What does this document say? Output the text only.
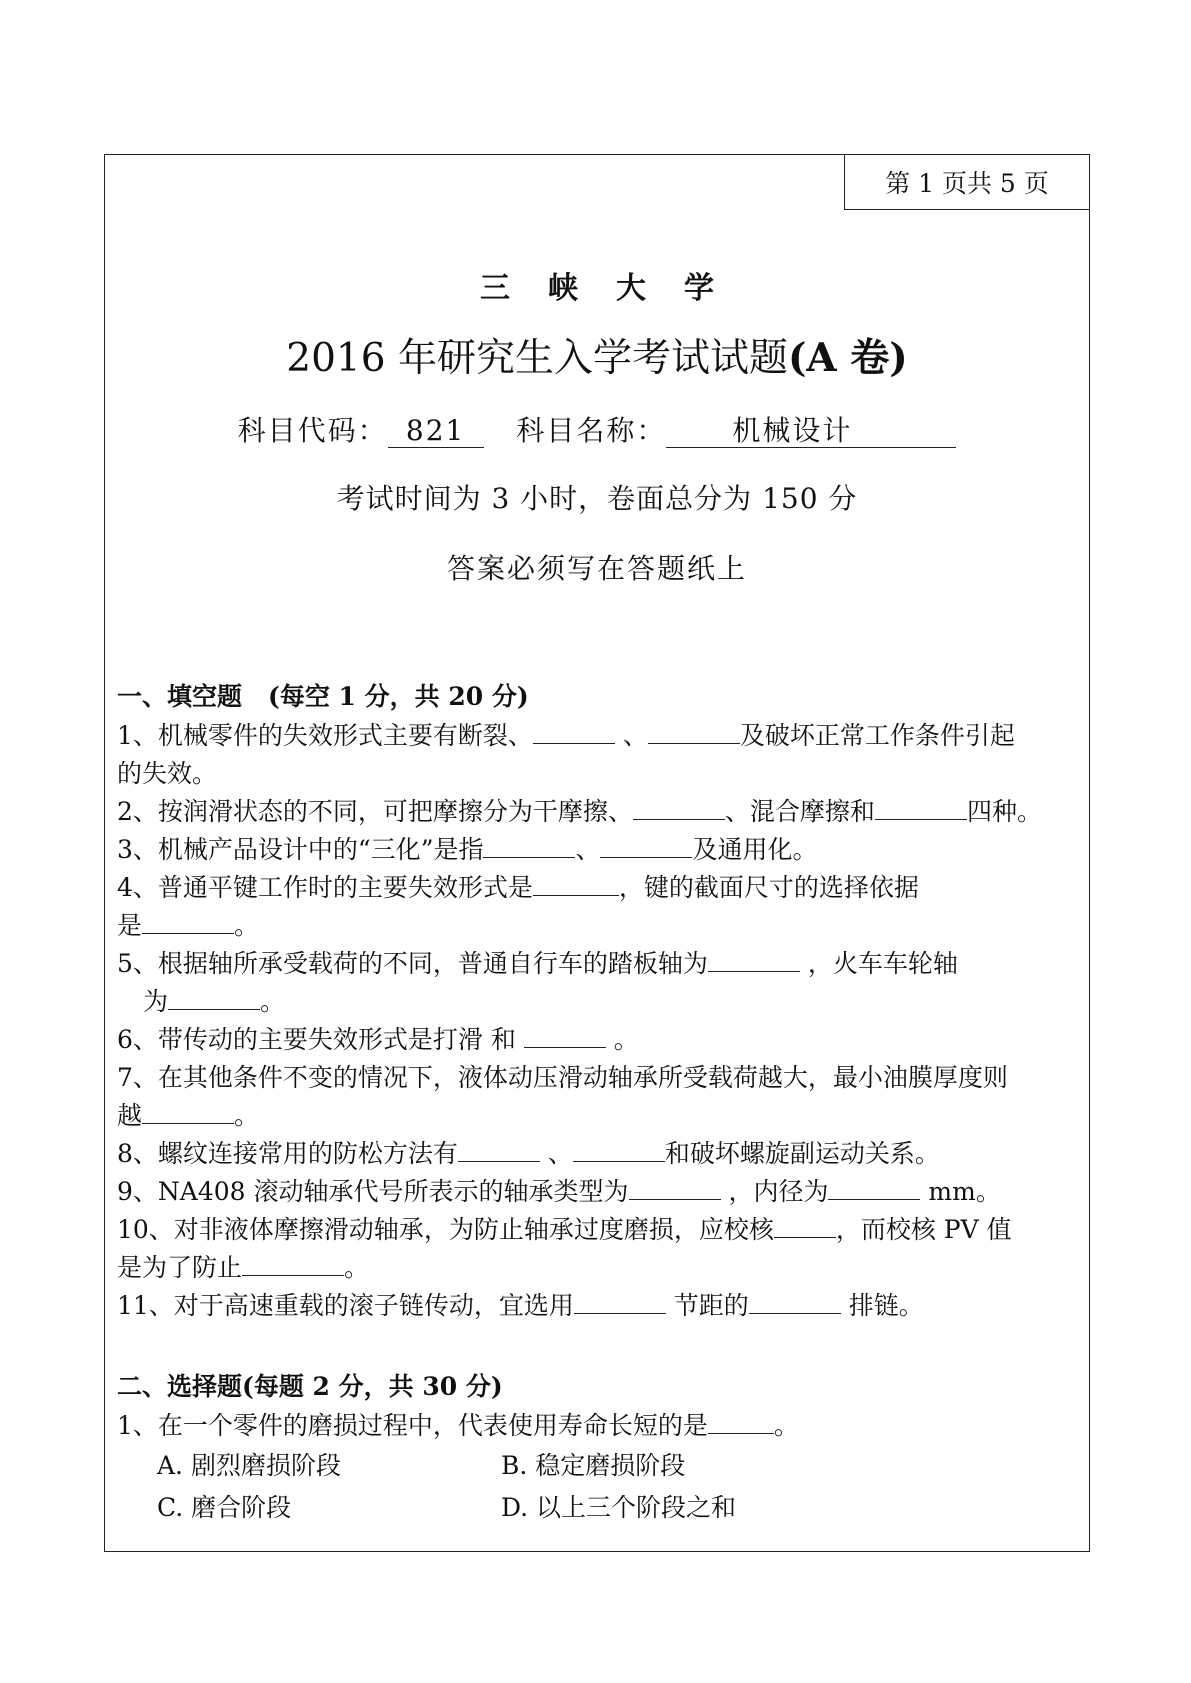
第 1 页共 5 页
三峡大学
2016 年研究生入学考试试题(A 卷)
科目代码： 821 科目名称： 机械设计
考试时间为 3 小时，卷面总分为 150 分
答案必须写在答题纸上
一、填空题 (每空 1 分，共 20 分)
1、机械零件的失效形式主要有断裂、	、	及破坏正常工作条件引起
的失效。
2、按润滑状态的不同，可把摩擦分为干摩擦、	、混合摩擦和	四种。
3、机械产品设计中的“三化”是指	、	及通用化。
4、普通平键工作时的主要失效形式是	，键的截面尺寸的选择依据
是	。
5、根据轴所承受载荷的不同，普通自行车的踏板轴为	，火车车轮轴
为	。
6、带传动的主要失效形式是打滑 和	。
7、在其他条件不变的情况下，液体动压滑动轴承所受载荷越大，最小油膜厚度则
越	。
8、螺纹连接常用的防松方法有	、	和破坏螺旋副运动关系。
9、NA408 滚动轴承代号所表示的轴承类型为	，内径为	mm。
10、对非液体摩擦滑动轴承，为防止轴承过度磨损，应校核 ，而校核 PV 值
是为了防止	。
11、对于高速重载的滚子链传动，宜选用	节距的	排链。
二、选择题(每题 2 分，共 30 分)
1、在一个零件的磨损过程中，代表使用寿命长短的是	。
A. 剧烈磨损阶段	B. 稳定磨损阶段
C. 磨合阶段	D. 以上三个阶段之和
